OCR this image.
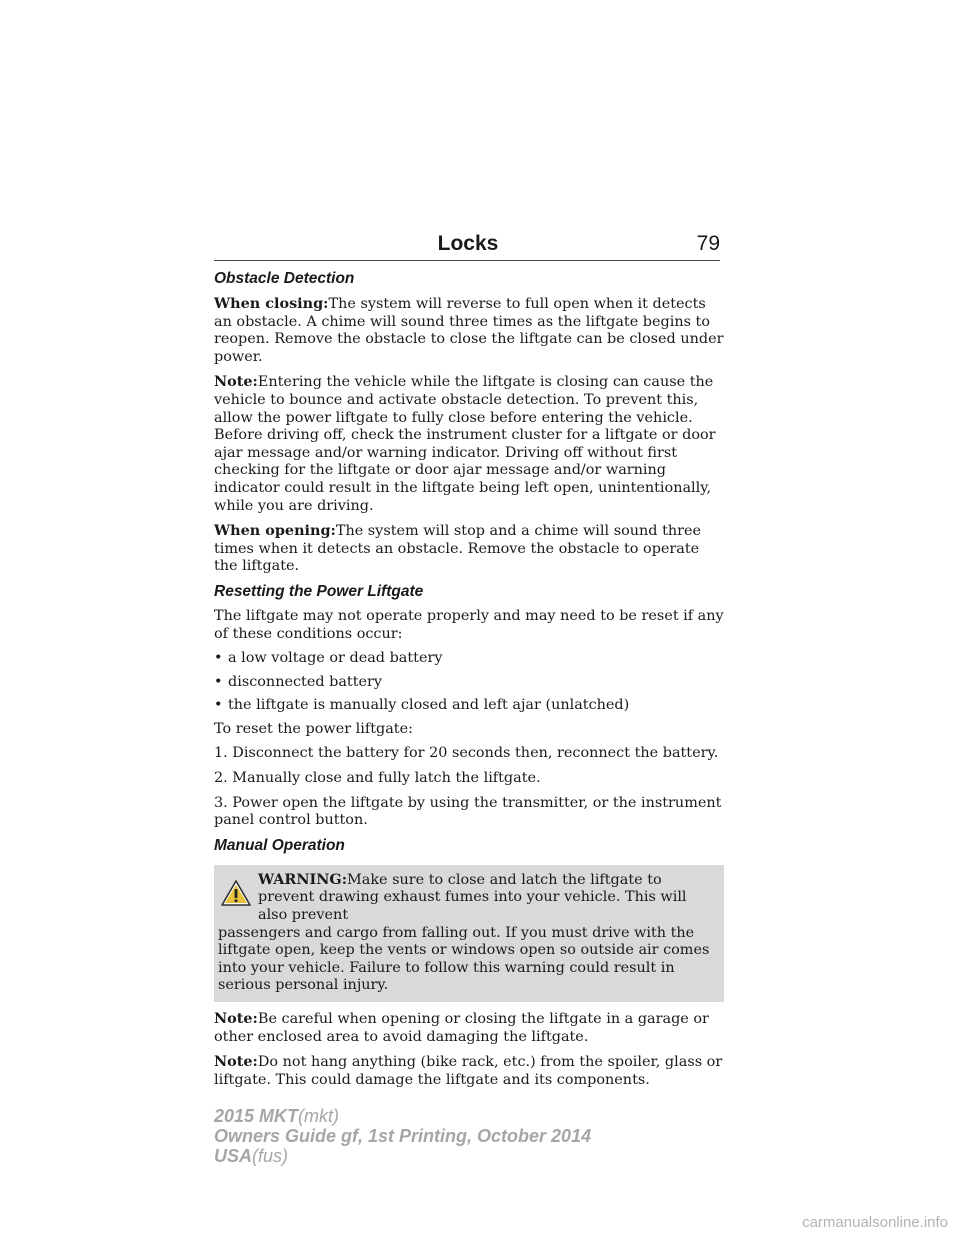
Locks	79
Obstacle Detection

When closing:The system will reverse to full open when it detects an obstacle. A chime will sound three times as the liftgate begins to reopen. Remove the obstacle to close the liftgate can be closed under power.

Note:Entering the vehicle while the liftgate is closing can cause the vehicle to bounce and activate obstacle detection. To prevent this, allow the power liftgate to fully close before entering the vehicle. Before driving off, check the instrument cluster for a liftgate or door ajar message and/or warning indicator. Driving off without first checking for the liftgate or door ajar message and/or warning indicator could result in the liftgate being left open, unintentionally, while you are driving.

When opening:The system will stop and a chime will sound three times when it detects an obstacle. Remove the obstacle to operate the liftgate.

Resetting the Power Liftgate

The liftgate may not operate properly and may need to be reset if any of these conditions occur:

• a low voltage or dead battery
• disconnected battery
• the liftgate is manually closed and left ajar (unlatched)

To reset the power liftgate:

1. Disconnect the battery for 20 seconds then, reconnect the battery.

2. Manually close and fully latch the liftgate.

3. Power open the liftgate by using the transmitter, or the instrument panel control button.

Manual Operation
WARNING:Make sure to close and latch the liftgate to prevent drawing exhaust fumes into your vehicle. This will also prevent
passengers and cargo from falling out. If you must drive with the liftgate open, keep the vents or windows open so outside air comes into your vehicle. Failure to follow this warning could result in serious personal injury.

Note:Be careful when opening or closing the liftgate in a garage or other enclosed area to avoid damaging the liftgate.

Note:Do not hang anything (bike rack, etc.) from the spoiler, glass or liftgate. This could damage the liftgate and its components.

2015 MKT(mkt)
Owners Guide gf, 1st Printing, October 2014
USA(fus)
carmanualsonline.info
